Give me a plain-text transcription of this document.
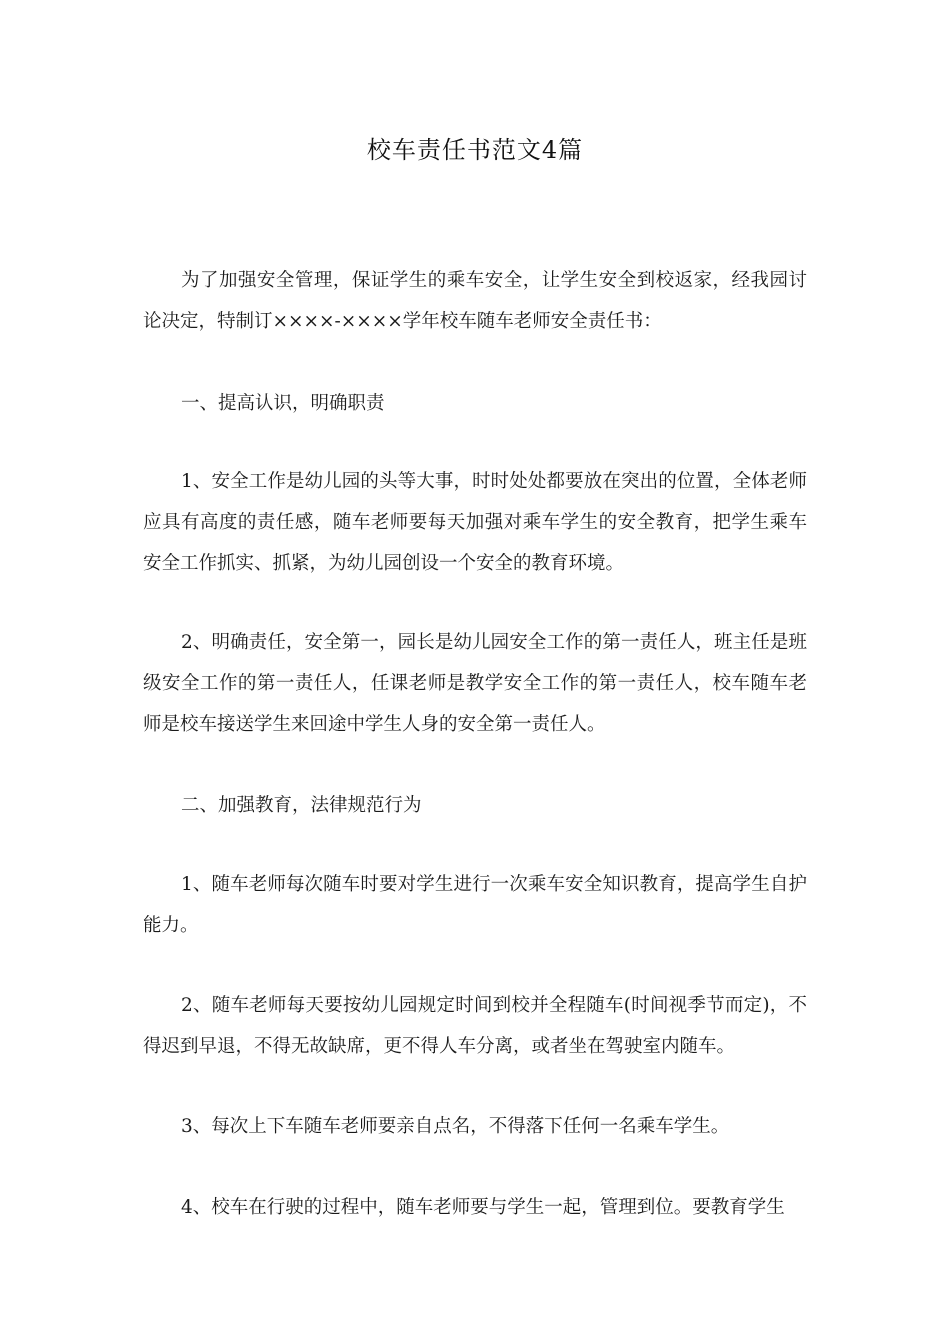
校车责任书范文4篇

为了加强安全管理，保证学生的乘车安全，让学生安全到校返家，经我园讨论决定，特制订××××-××××学年校车随车老师安全责任书：

一、提高认识，明确职责

1、安全工作是幼儿园的头等大事，时时处处都要放在突出的位置，全体老师应具有高度的责任感，随车老师要每天加强对乘车学生的安全教育，把学生乘车安全工作抓实、抓紧，为幼儿园创设一个安全的教育环境。

2、明确责任，安全第一，园长是幼儿园安全工作的第一责任人，班主任是班级安全工作的第一责任人，任课老师是教学安全工作的第一责任人，校车随车老师是校车接送学生来回途中学生人身的安全第一责任人。

二、加强教育，法律规范行为

1、随车老师每次随车时要对学生进行一次乘车安全知识教育，提高学生自护能力。

2、随车老师每天要按幼儿园规定时间到校并全程随车(时间视季节而定)，不得迟到早退，不得无故缺席，更不得人车分离，或者坐在驾驶室内随车。

3、每次上下车随车老师要亲自点名，不得落下任何一名乘车学生。

4、校车在行驶的过程中，随车老师要与学生一起，管理到位。要教育学生
